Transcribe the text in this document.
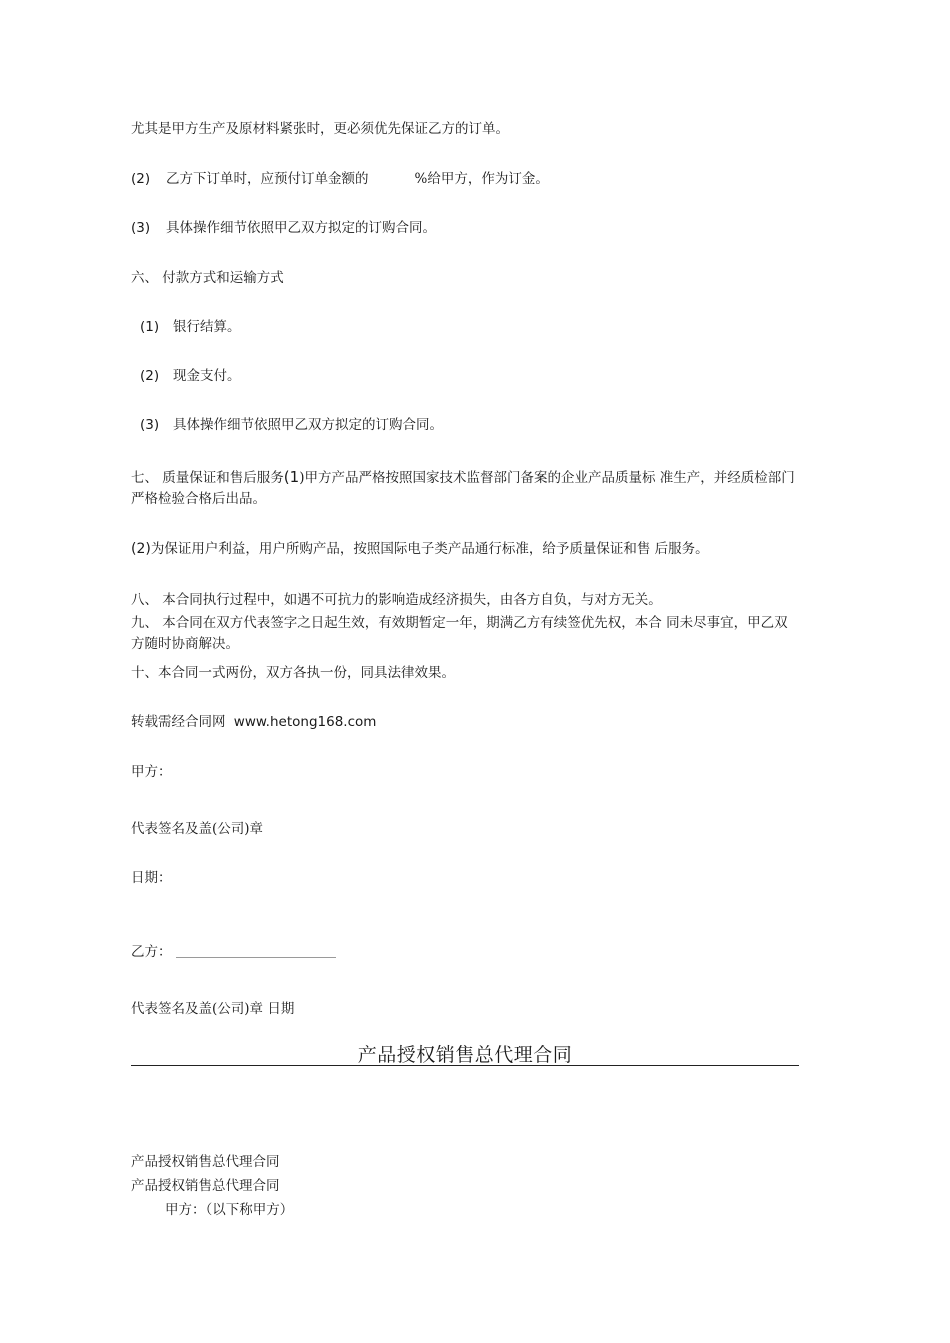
尤其是甲方生产及原材料紧张时，更必须优先保证乙方的订单。
(2) 乙方下订单时，应预付订单金额的	%给甲方，作为订金。
(3) 具体操作细节依照甲乙双方拟定的订购合同。
六、 付款方式和运输方式
(1) 银行结算。
(2) 现金支付。
(3) 具体操作细节依照甲乙双方拟定的订购合同。
七、 质量保证和售后服务(1)甲方产品严格按照国家技术监督部门备案的企业产品质量标 准生产，并经质检部门严格检验合格后出品。
(2)为保证用户利益，用户所购产品，按照国际电子类产品通行标准，给予质量保证和售 后服务。
八、 本合同执行过程中，如遇不可抗力的影响造成经济损失，由各方自负，与对方无关。
九、 本合同在双方代表签字之日起生效，有效期暂定一年，期满乙方有续签优先权，本合 同未尽事宜，甲乙双方随时协商解决。
十、本合同一式两份，双方各执一份，同具法律效果。
转载需经合同网 www.hetong168.com
甲方：
代表签名及盖(公司)章
日期：
乙方：
代表签名及盖(公司)章 日期
产品授权销售总代理合同
产品授权销售总代理合同
产品授权销售总代理合同
甲方：（以下称甲方）
